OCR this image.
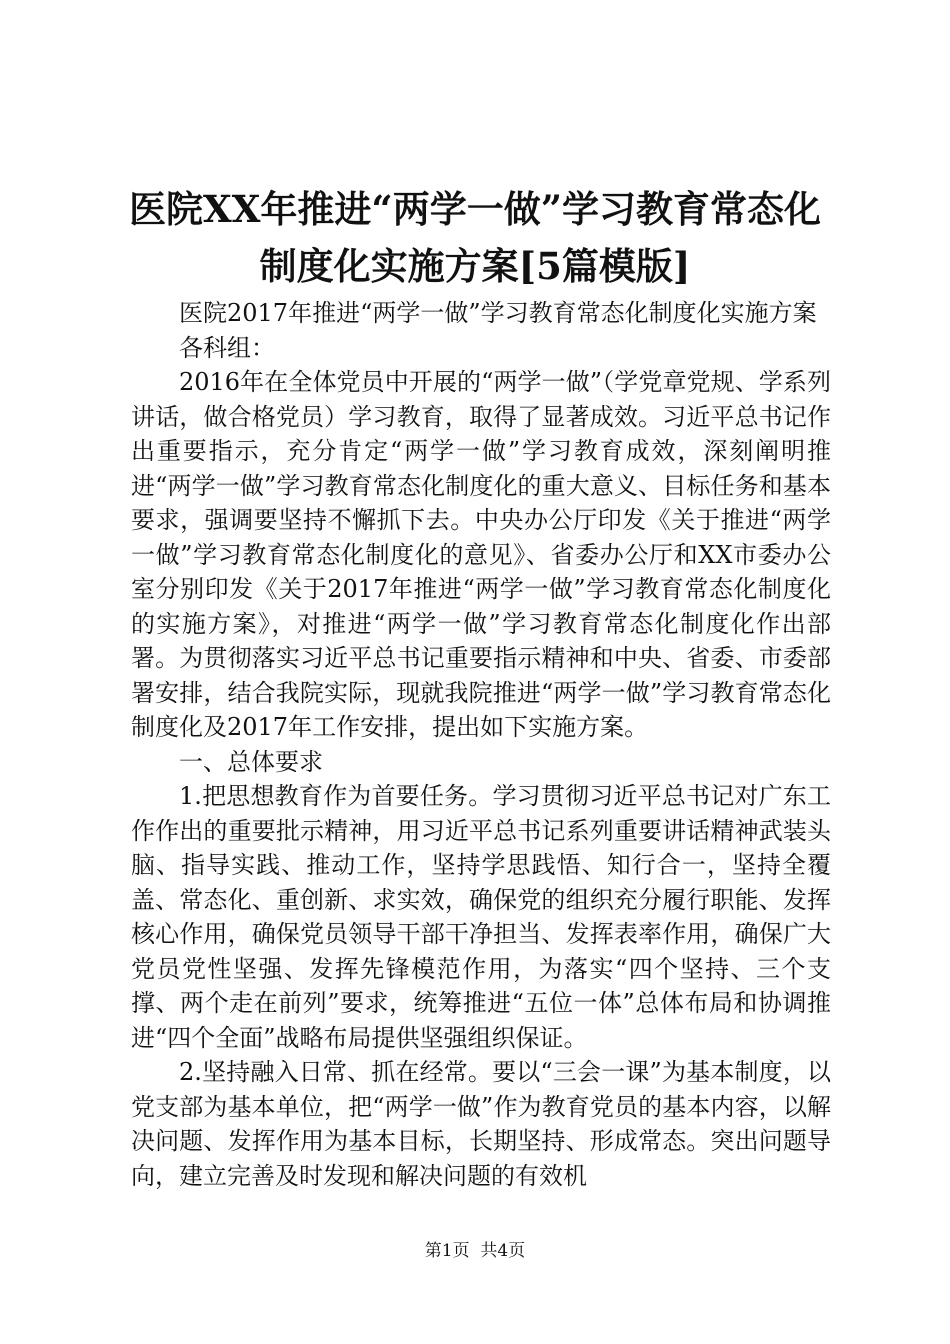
医院XX年推进“两学一做”学习教育常态化
制度化实施方案[5篇模版]

医院2017年推进“两学一做”学习教育常态化制度化实施方案

各科组：

2016年在全体党员中开展的“两学一做”（学党章党规、学系列讲话，做合格党员）学习教育，取得了显著成效。习近平总书记作出重要指示，充分肯定“两学一做”学习教育成效，深刻阐明推进“两学一做”学习教育常态化制度化的重大意义、目标任务和基本要求，强调要坚持不懈抓下去。中央办公厅印发《关于推进“两学一做”学习教育常态化制度化的意见》、省委办公厅和XX市委办公室分别印发《关于2017年推进“两学一做”学习教育常态化制度化的实施方案》，对推进“两学一做”学习教育常态化制度化作出部署。为贯彻落实习近平总书记重要指示精神和中央、省委、市委部署安排，结合我院实际，现就我院推进“两学一做”学习教育常态化制度化及2017年工作安排，提出如下实施方案。

一、总体要求

1.把思想教育作为首要任务。学习贯彻习近平总书记对广东工作作出的重要批示精神，用习近平总书记系列重要讲话精神武装头脑、指导实践、推动工作，坚持学思践悟、知行合一，坚持全覆盖、常态化、重创新、求实效，确保党的组织充分履行职能、发挥核心作用，确保党员领导干部干净担当、发挥表率作用，确保广大党员党性坚强、发挥先锋模范作用，为落实“四个坚持、三个支撑、两个走在前列”要求，统筹推进“五位一体”总体布局和协调推进“四个全面”战略布局提供坚强组织保证。

2.坚持融入日常、抓在经常。要以“三会一课”为基本制度，以党支部为基本单位，把“两学一做”作为教育党员的基本内容，以解决问题、发挥作用为基本目标，长期坚持、形成常态。突出问题导向，建立完善及时发现和解决问题的有效机

第1页  共4页
